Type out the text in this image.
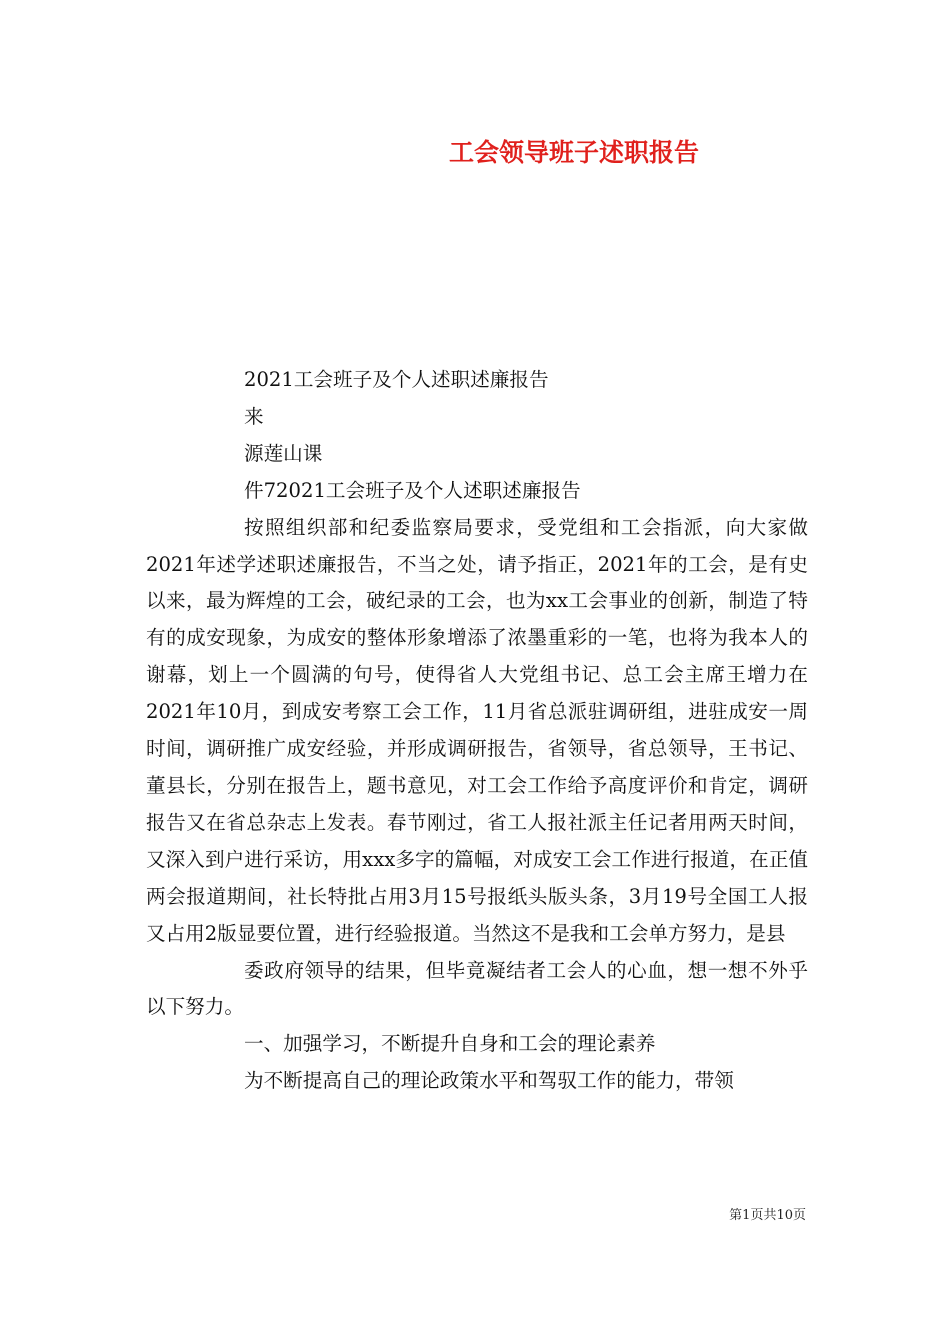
工会领导班子述职报告

2021工会班子及个人述职述廉报告

来

源莲山课

件72021工会班子及个人述职述廉报告

按照组织部和纪委监察局要求，受党组和工会指派，向大家做2021年述学述职述廉报告，不当之处，请予指正，2021年的工会，是有史以来，最为辉煌的工会，破纪录的工会，也为xx工会事业的创新，制造了特有的成安现象，为成安的整体形象增添了浓墨重彩的一笔，也将为我本人的谢幕，划上一个圆满的句号，使得省人大党组书记、总工会主席王增力在2021年10月，到成安考察工会工作，11月省总派驻调研组，进驻成安一周时间，调研推广成安经验，并形成调研报告，省领导，省总领导，王书记、董县长，分别在报告上，题书意见，对工会工作给予高度评价和肯定，调研报告又在省总杂志上发表。春节刚过，省工人报社派主任记者用两天时间，又深入到户进行采访，用xxx多字的篇幅，对成安工会工作进行报道，在正值两会报道期间，社长特批占用3月15号报纸头版头条，3月19号全国工人报又占用2版显要位置，进行经验报道。当然这不是我和工会单方努力，是县

委政府领导的结果，但毕竟凝结者工会人的心血，想一想不外乎以下努力。

一、加强学习，不断提升自身和工会的理论素养

为不断提高自己的理论政策水平和驾驭工作的能力，带领

第1页共10页
